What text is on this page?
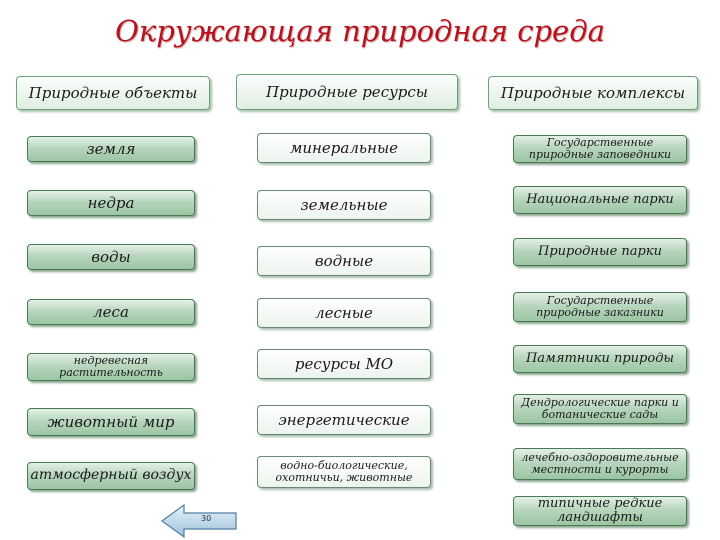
Окружающая природная среда
Природные объекты
земля
недра
воды
леса
недревесная растительность
животный мир
атмосферный воздух
Природные ресурсы
минеральные
земельные
водные
лесные
ресурсы МО
энергетические
водно-биологические, охотничьи, животные
Природные комплексы
Государственные природные заповедники
Национальные парки
Природные парки
Государственные природные заказники
Памятники природы
Дендрологические парки и ботанические сады
лечебно-оздоровительные местности и курорты
типичные редкие ландшафты
30
